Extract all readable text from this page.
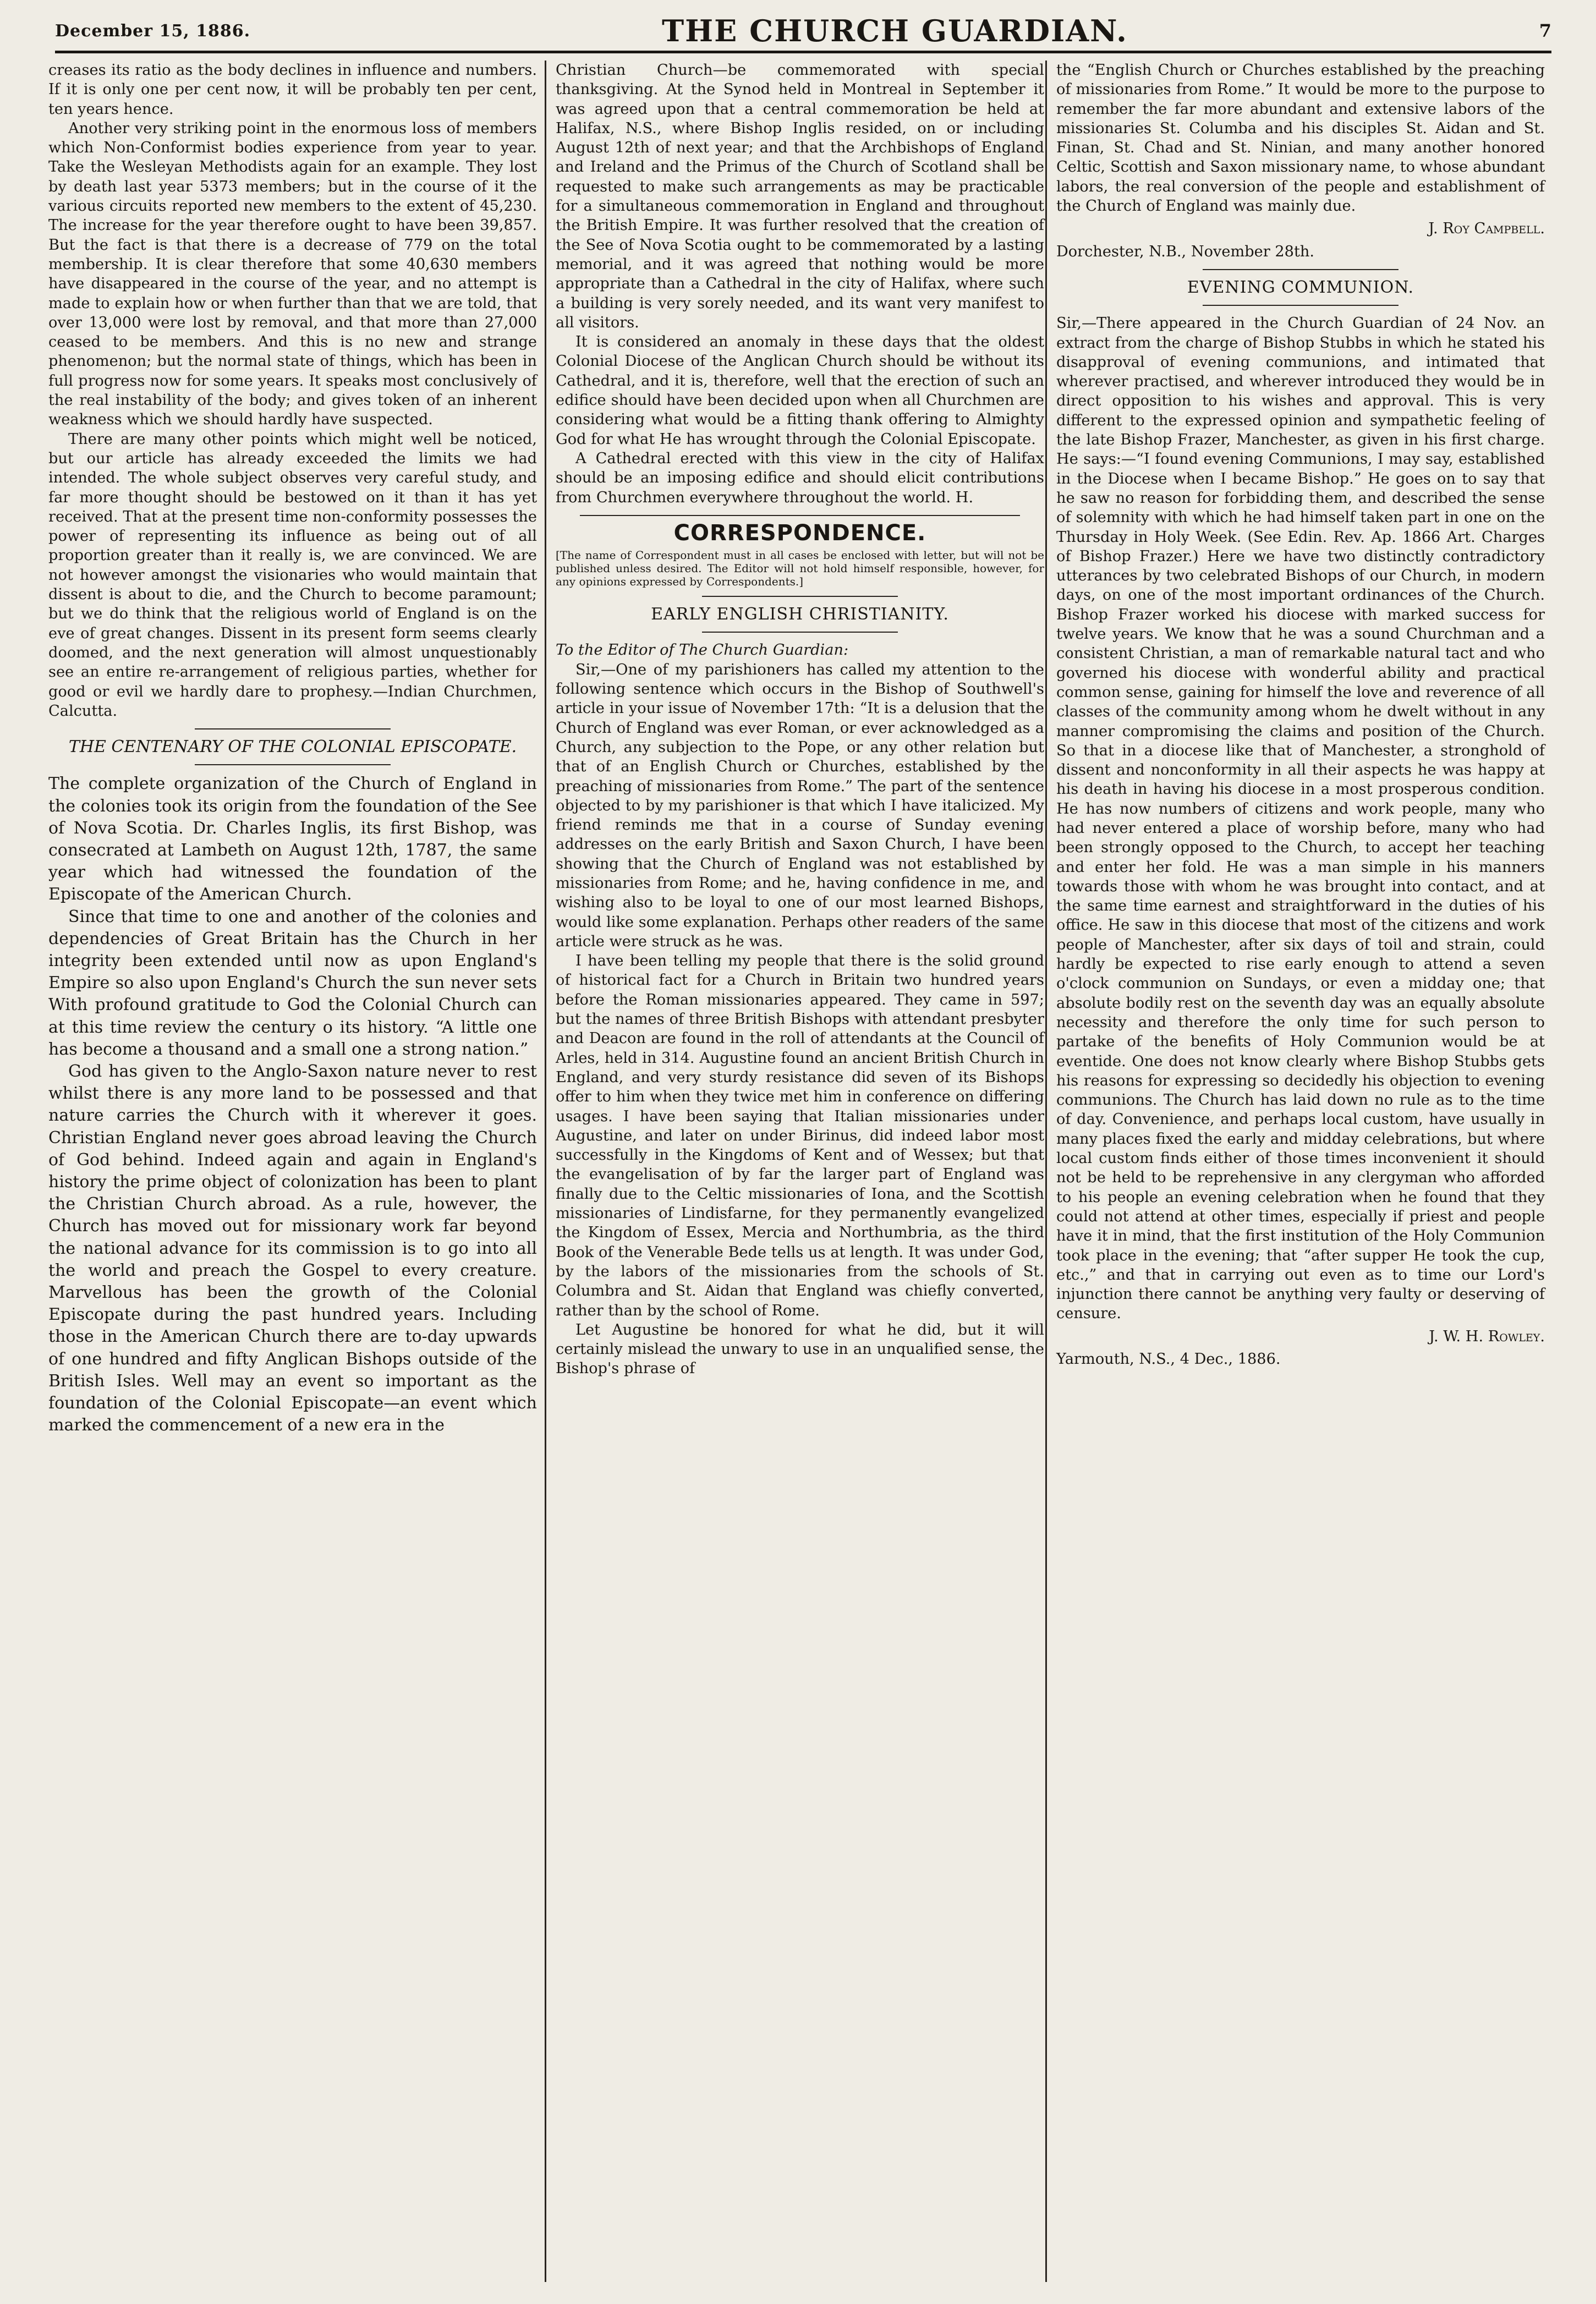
December 15, 1886.	THE CHURCH GUARDIAN.	7

creases its ratio as the body declines in influence and numbers. If it is only one per cent now, it will be probably ten per cent, ten years hence.

Another very striking point in the enormous loss of members which Non-Conformist bodies experience from year to year. Take the Wesleyan Methodists again for an example. They lost by death last year 5373 members; but in the course of it the various circuits reported new members to the extent of 45,230. The increase for the year therefore ought to have been 39,857. But the fact is that there is a decrease of 779 on the total membership. It is clear therefore that some 40,630 members have disappeared in the course of the year, and no attempt is made to explain how or when further than that we are told, that over 13,000 were lost by removal, and that more than 27,000 ceased to be members. And this is no new and strange phenomenon; but the normal state of things, which has been in full progress now for some years. It speaks most conclusively of the real instability of the body; and gives token of an inherent weakness which we should hardly have suspected.

There are many other points which might well be noticed, but our article has already exceeded the limits we had intended. The whole subject observes very careful study, and far more thought should be bestowed on it than it has yet received. That at the present time non-conformity possesses the power of representing its influence as being out of all proportion greater than it really is, we are convinced. We are not however amongst the visionaries who would maintain that dissent is about to die, and the Church to become paramount; but we do think that the religious world of England is on the eve of great changes. Dissent in its present form seems clearly doomed, and the next generation will almost unquestionably see an entire re-arrangement of religious parties, whether for good or evil we hardly dare to prophesy.—Indian Churchmen, Calcutta.

THE CENTENARY OF THE COLONIAL EPISCOPATE.

The complete organization of the Church of England in the colonies took its origin from the foundation of the See of Nova Scotia. Dr. Charles Inglis, its first Bishop, was consecrated at Lambeth on August 12th, 1787, the same year which had witnessed the foundation of the Episcopate of the American Church.

Since that time to one and another of the colonies and dependencies of Great Britain has the Church in her integrity been extended until now as upon England's Empire so also upon England's Church the sun never sets With profound gratitude to God the Colonial Church can at this time review the century o its history. “A little one has become a thousand and a small one a strong nation.”

God has given to the Anglo-Saxon nature never to rest whilst there is any more land to be possessed and that nature carries the Church with it wherever it goes. Christian England never goes abroad leaving the Church of God behind. Indeed again and again in England's history the prime object of colonization has been to plant the Christian Church abroad. As a rule, however, the Church has moved out for missionary work far beyond the national advance for its commission is to go into all the world and preach the Gospel to every creature. Marvellous has been the growth of the Colonial Episcopate during the past hundred years. Including those in the American Church there are to-day upwards of one hundred and fifty Anglican Bishops outside of the British Isles. Well may an event so important as the foundation of the Colonial Episcopate—an event which marked the commencement of a new era in the

Christian Church—be commemorated with special thanksgiving. At the Synod held in Montreal in September it was agreed upon that a central commemoration be held at Halifax, N.S., where Bishop Inglis resided, on or including August 12th of next year; and that the Archbishops of England and Ireland and the Primus of the Church of Scotland shall be requested to make such arrangements as may be practicable for a simultaneous commemoration in England and throughout the British Empire. It was further resolved that the creation of the See of Nova Scotia ought to be commemorated by a lasting memorial, and it was agreed that nothing would be more appropriate than a Cathedral in the city of Halifax, where such a building is very sorely needed, and its want very manifest to all visitors.

It is considered an anomaly in these days that the oldest Colonial Diocese of the Anglican Church should be without its Cathedral, and it is, therefore, well that the erection of such an edifice should have been decided upon when all Churchmen are considering what would be a fitting thank offering to Almighty God for what He has wrought through the Colonial Episcopate.

A Cathedral erected with this view in the city of Halifax should be an imposing edifice and should elicit contributions from Churchmen everywhere throughout the world. H.

CORRESPONDENCE.
[The name of Correspondent must in all cases be enclosed with letter, but will not be published unless desired. The Editor will not hold himself responsible, however, for any opinions expressed by Correspondents.]
EARLY ENGLISH CHRISTIANITY.

To the Editor of The Church Guardian:

Sir,—One of my parishioners has called my attention to the following sentence which occurs in the Bishop of Southwell's article in your issue of November 17th: “It is a delusion that the Church of England was ever Roman, or ever acknowledged as a Church, any subjection to the Pope, or any other relation but that of an English Church or Churches, established by the preaching of missionaries from Rome.” The part of the sentence objected to by my parishioner is that which I have italicized. My friend reminds me that in a course of Sunday evening addresses on the early British and Saxon Church, I have been showing that the Church of England was not established by missionaries from Rome; and he, having confidence in me, and wishing also to be loyal to one of our most learned Bishops, would like some explanation. Perhaps other readers of the same article were struck as he was.

I have been telling my people that there is the solid ground of historical fact for a Church in Britain two hundred years before the Roman missionaries appeared. They came in 597; but the names of three British Bishops with attendant presbyter and Deacon are found in the roll of attendants at the Council of Arles, held in 314. Augustine found an ancient British Church in England, and very sturdy resistance did seven of its Bishops offer to him when they twice met him in conference on differing usages. I have been saying that Italian missionaries under Augustine, and later on under Birinus, did indeed labor most successfully in the Kingdoms of Kent and of Wessex; but that the evangelisation of by far the larger part of England was finally due to the Celtic missionaries of Iona, and the Scottish missionaries of Lindisfarne, for they permanently evangelized the Kingdom of Essex, Mercia and Northumbria, as the third Book of the Venerable Bede tells us at length. It was under God, by the labors of the missionaries from the schools of St. Columbra and St. Aidan that England was chiefly converted, rather than by the school of Rome.

Let Augustine be honored for what he did, but it will certainly mislead the unwary to use in an unqualified sense, the Bishop's phrase of

the “English Church or Churches established by the preaching of missionaries from Rome.” It would be more to the purpose to remember the far more abundant and extensive labors of the missionaries St. Columba and his disciples St. Aidan and St. Finan, St. Chad and St. Ninian, and many another honored Celtic, Scottish and Saxon missionary name, to whose abundant labors, the real conversion of the people and establishment of the Church of England was mainly due.

J. Roy Campbell.

Dorchester, N.B., November 28th.

EVENING COMMUNION.

Sir,—There appeared in the Church Guardian of 24 Nov. an extract from the charge of Bishop Stubbs in which he stated his disapproval of evening communions, and intimated that wherever practised, and wherever introduced they would be in direct opposition to his wishes and approval. This is very different to the expressed opinion and sympathetic feeling of the late Bishop Frazer, Manchester, as given in his first charge. He says:—“I found evening Communions, I may say, established in the Diocese when I became Bishop.” He goes on to say that he saw no reason for forbidding them, and described the sense of solemnity with which he had himself taken part in one on the Thursday in Holy Week. (See Edin. Rev. Ap. 1866 Art. Charges of Bishop Frazer.) Here we have two distinctly contradictory utterances by two celebrated Bishops of our Church, in modern days, on one of the most important ordinances of the Church. Bishop Frazer worked his diocese with marked success for twelve years. We know that he was a sound Churchman and a consistent Christian, a man of remarkable natural tact and who governed his diocese with wonderful ability and practical common sense, gaining for himself the love and reverence of all classes of the community among whom he dwelt without in any manner compromising the claims and position of the Church. So that in a diocese like that of Manchester, a stronghold of dissent and nonconformity in all their aspects he was happy at his death in having his diocese in a most prosperous condition. He has now numbers of citizens and work people, many who had never entered a place of worship before, many who had been strongly opposed to the Church, to accept her teaching and enter her fold. He was a man simple in his manners towards those with whom he was brought into contact, and at the same time earnest and straightforward in the duties of his office. He saw in this diocese that most of the citizens and work people of Manchester, after six days of toil and strain, could hardly be expected to rise early enough to attend a seven o'clock communion on Sundays, or even a midday one; that absolute bodily rest on the seventh day was an equally absolute necessity and therefore the only time for such person to partake of the benefits of Holy Communion would be at eventide. One does not know clearly where Bishop Stubbs gets his reasons for expressing so decidedly his objection to evening communions. The Church has laid down no rule as to the time of day. Convenience, and perhaps local custom, have usually in many places fixed the early and midday celebrations, but where local custom finds either of those times inconvenient it should not be held to be reprehensive in any clergyman who afforded to his people an evening celebration when he found that they could not attend at other times, especially if priest and people have it in mind, that the first institution of the Holy Communion took place in the evening; that “after supper He took the cup, etc.,” and that in carrying out even as to time our Lord's injunction there cannot be anything very faulty or deserving of censure.

J. W. H. Rowley.

Yarmouth, N.S., 4 Dec., 1886.
